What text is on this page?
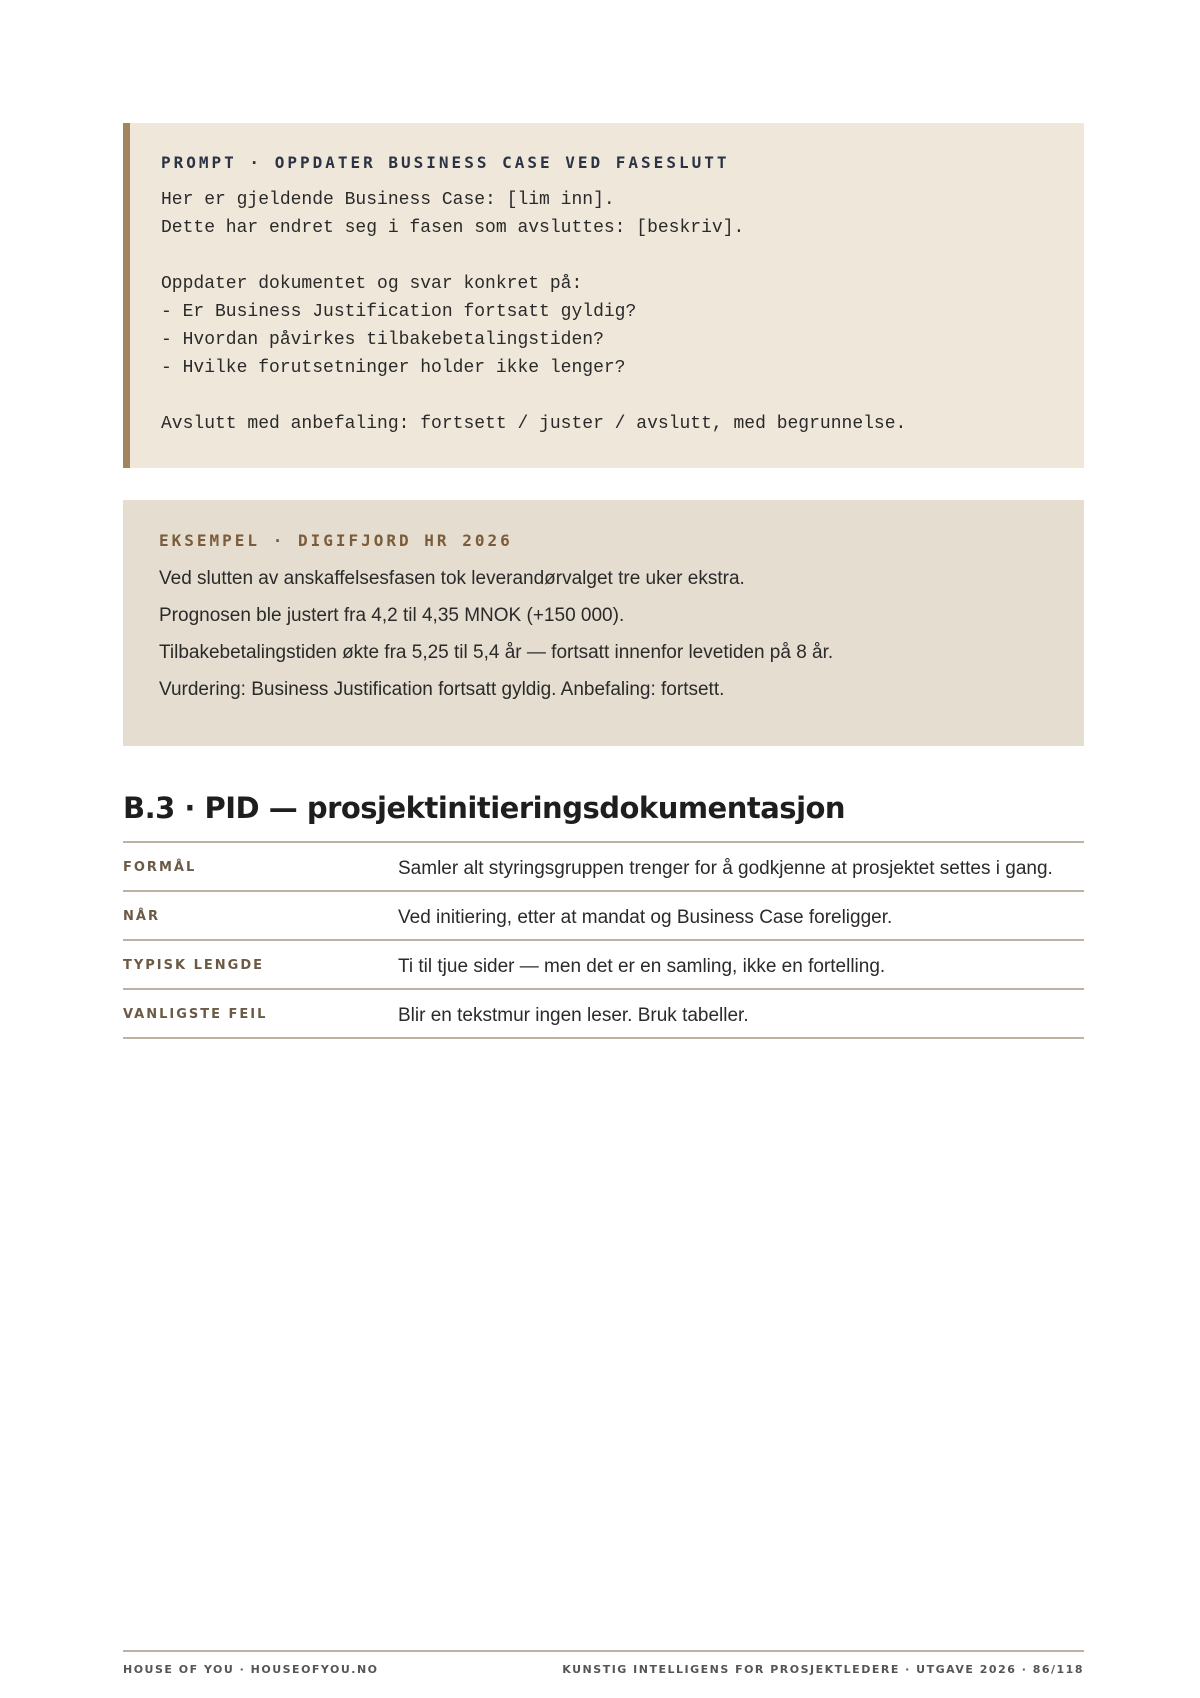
PROMPT · OPPDATER BUSINESS CASE VED FASESLUTT
Her er gjeldende Business Case: [lim inn].
Dette har endret seg i fasen som avsluttes: [beskriv].

Oppdater dokumentet og svar konkret på:
- Er Business Justification fortsatt gyldig?
- Hvordan påvirkes tilbakebetalingstiden?
- Hvilke forutsetninger holder ikke lenger?

Avslutt med anbefaling: fortsett / juster / avslutt, med begrunnelse.
EKSEMPEL · DIGIFJORD HR 2026

Ved slutten av anskaffelsesfasen tok leverandørvalget tre uker ekstra.

Prognosen ble justert fra 4,2 til 4,35 MNOK (+150 000).

Tilbakebetalingstiden økte fra 5,25 til 5,4 år — fortsatt innenfor levetiden på 8 år.

Vurdering: Business Justification fortsatt gyldig. Anbefaling: fortsett.

B.3 · PID — prosjektinitieringsdokumentasjon
FORMÅL	Samler alt styringsgruppen trenger for å godkjenne at prosjektet settes i gang.
NÅR	Ved initiering, etter at mandat og Business Case foreligger.
TYPISK LENGDE	Ti til tjue sider — men det er en samling, ikke en fortelling.
VANLIGSTE FEIL	Blir en tekstmur ingen leser. Bruk tabeller.
HOUSE OF YOU · HOUSEOFYOU.NO	KUNSTIG INTELLIGENS FOR PROSJEKTLEDERE · UTGAVE 2026 · 86/118
